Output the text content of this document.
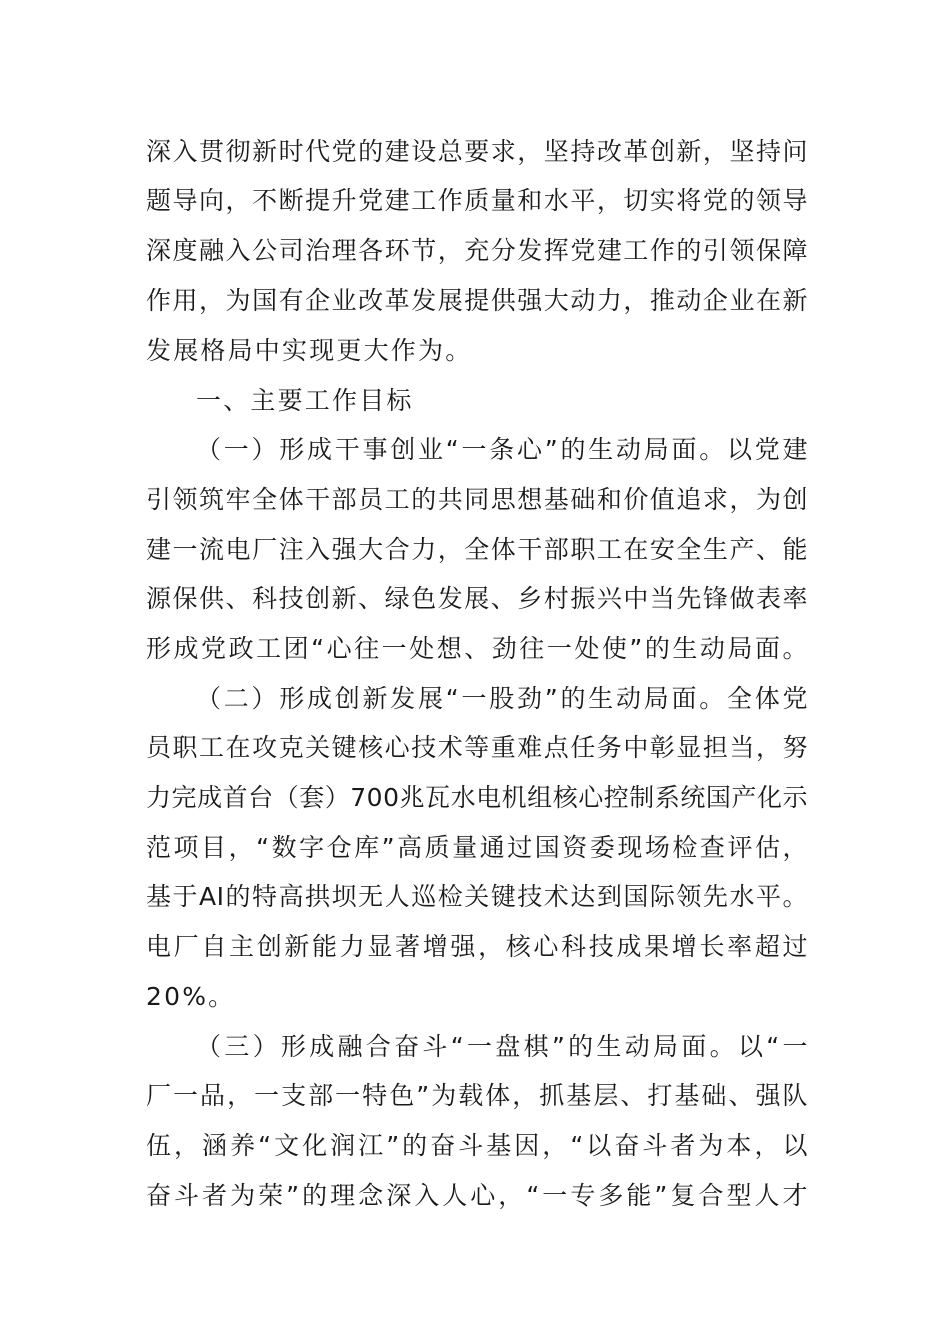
深入贯彻新时代党的建设总要求，坚持改革创新，坚持问
题导向，不断提升党建工作质量和水平，切实将党的领导
深度融入公司治理各环节，充分发挥党建工作的引领保障
作用，为国有企业改革发展提供强大动力，推动企业在新
发展格局中实现更大作为。
一、主要工作目标
（一）形成干事创业“一条心”的生动局面。以党建
引领筑牢全体干部员工的共同思想基础和价值追求，为创
建一流电厂注入强大合力，全体干部职工在安全生产、能
源保供、科技创新、绿色发展、乡村振兴中当先锋做表率
形成党政工团“心往一处想、劲往一处使”的生动局面。
（二）形成创新发展“一股劲”的生动局面。全体党
员职工在攻克关键核心技术等重难点任务中彰显担当，努
力完成首台（套）700兆瓦水电机组核心控制系统国产化示
范项目，“数字仓库”高质量通过国资委现场检查评估，
基于AI的特高拱坝无人巡检关键技术达到国际领先水平。
电厂自主创新能力显著增强，核心科技成果增长率超过
20%。
（三）形成融合奋斗“一盘棋”的生动局面。以“一
厂一品，一支部一特色”为载体，抓基层、打基础、强队
伍，涵养“文化润江”的奋斗基因，“以奋斗者为本，以
奋斗者为荣”的理念深入人心，“一专多能”复合型人才
